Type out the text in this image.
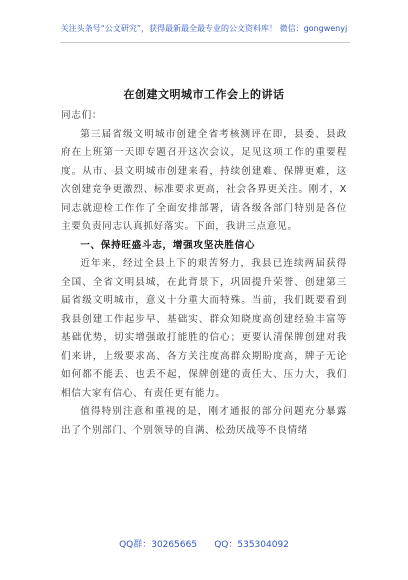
关注头条号“公文研究”，获得最新最全最专业的公文资料库！ 微信：gongwenyj
在创建文明城市工作会上的讲话

同志们：

第三届省级文明城市创建全省考核测评在即，县委、县政府在上班第一天即专题召开这次会议，足见这项工作的重要程度。从市、县文明城市创建来看，持续创建难、保牌更难，这次创建竞争更激烈、标准要求更高，社会各界更关注。刚才，X同志就迎检工作作了全面安排部署，请各级各部门特别是各位主要负责同志认真抓好落实。下面，我讲三点意见。

一、保持旺盛斗志，增强攻坚决胜信心

近年来，经过全县上下的艰苦努力，我县已连续两届获得全国、全省文明县城，在此背景下，巩固提升荣誉、创建第三届省级文明城市，意义十分重大而特殊。当前，我们既要看到我县创建工作起步早、基础实、群众知晓度高创建经验丰富等基础优势，切实增强敢打能胜的信心；更要认清保牌创建对我们来讲，上级要求高、各方关注度高群众期盼度高，牌子无论如何都不能丢、也丢不起，保牌创建的责任大、压力大，我们相信大家有信心、有责任更有能力。

值得特别注意和重视的是，刚才通报的部分问题充分暴露出了个别部门、个别领导的自满、松劲厌战等不良情绪

QQ群：30265665      QQ：535304092
